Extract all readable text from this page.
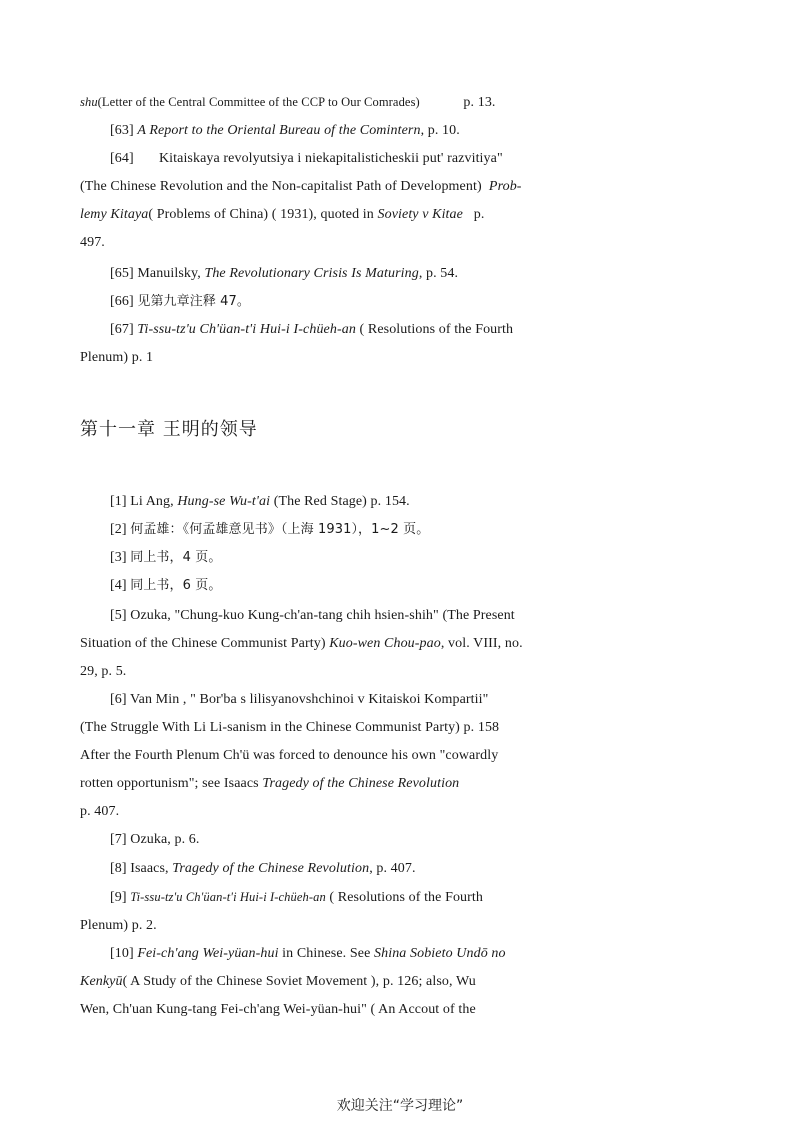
shu(Letter of the Central Committee of the CCP to Our Comrades)	p. 13.
[63] A Report to the Oriental Bureau of the Comintern, p. 10.
[64] Kitaiskaya revolyutsiya i niekapitalisticheskii put' razvitiya"
(The Chinese Revolution and the Non-capitalist Path of Development) Prob-
lemy Kitaya( Problems of China) ( 1931), quoted in Soviety v Kitae p.
497.
[65] Manuilsky, The Revolutionary Crisis Is Maturing, p. 54.
[66] 见第九章注释 47。
[67] Ti-ssu-tz'u Ch'üan-t'i Hui-i I-chüeh-an ( Resolutions of the Fourth
Plenum) p. 1
第十一章 王明的领导
[1] Li Ang, Hung-se Wu-t'ai (The Red Stage) p. 154.
[2] 何孟雄：《何孟雄意见书》（上海 1931），1~2 页。
[3] 同上书，4 页。
[4] 同上书，6 页。
[5] Ozuka, "Chung-kuo Kung-ch'an-tang chih hsien-shih" (The Present
Situation of the Chinese Communist Party) Kuo-wen Chou-pao, vol. VIII, no.
29, p. 5.
[6] Van Min , " Bor'ba s lilisyanovshchinoi v Kitaiskoi Kompartii"
(The Struggle With Li Li-sanism in the Chinese Communist Party) p. 158
After the Fourth Plenum Ch'ü was forced to denounce his own "cowardly
rotten opportunism"; see Isaacs Tragedy of the Chinese Revolution
p. 407.
[7] Ozuka, p. 6.
[8] Isaacs, Tragedy of the Chinese Revolution, p. 407.
[9] Ti-ssu-tz'u Ch'üan-t'i Hui-i I-chüeh-an ( Resolutions of the Fourth
Plenum) p. 2.
[10] Fei-ch'ang Wei-yüan-hui in Chinese. See Shina Sobieto Undō no
Kenkyū( A Study of the Chinese Soviet Movement ), p. 126; also, Wu
Wen, Ch'uan Kung-tang Fei-ch'ang Wei-yüan-hui" ( An Accout of the
欢迎关注“学习理论”
